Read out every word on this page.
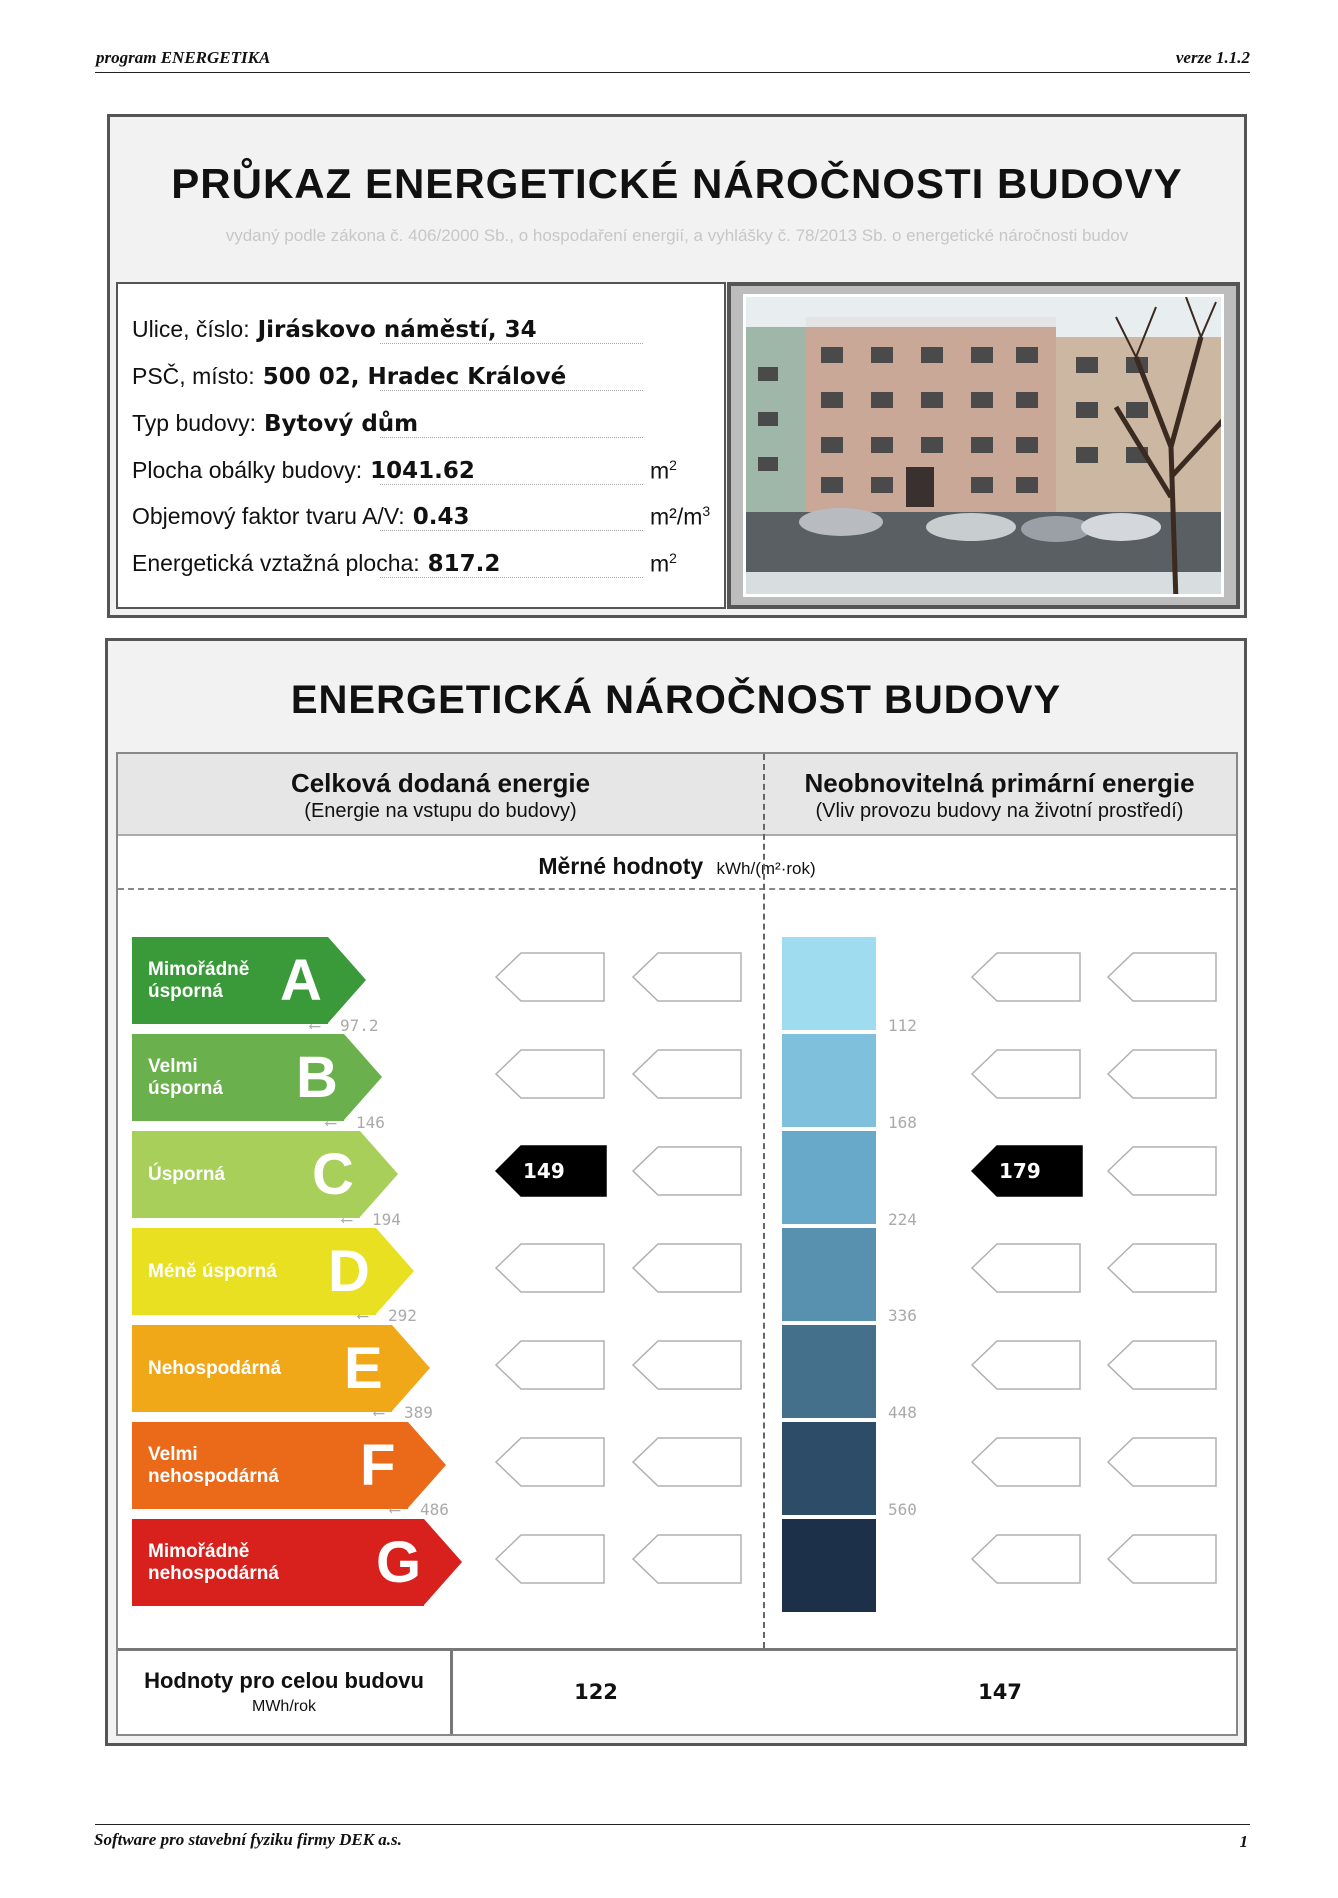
program ENERGETIKA	verze 1.1.2
PRŮKAZ ENERGETICKÉ NÁROČNOSTI BUDOVY
vydaný podle zákona č. 406/2000 Sb., o hospodaření energií, a vyhlášky č. 78/2013 Sb. o energetické náročnosti budov
Ulice, číslo: Jiráskovo náměstí, 34
PSČ, místo: 500 02, Hradec Králové
Typ budovy: Bytový dům
Plocha obálky budovy: 1041.62	$m^2$
Objemový faktor tvaru A/V: 0.43	$m^2/m^3$
Energetická vztažná plocha: 817.2	$m^2$
ENERGETICKÁ NÁROČNOST BUDOVY
Celková dodaná energie
(Energie na vstupu do budovy)
Neobnovitelná primární energie
(Vliv provozu budovy na životní prostředí)
Měrné hodnoty kWh/(m²·rok)
Mimořádně
úsporná A
Velmi
úsporná B
Úsporná C
Méně úsporná D
Nehospodárná E
Velmi
nehospodárná F
Mimořádně
nehospodárná G
97.2
146
194
292
389
486
112
168
224
336
448
560
⟵
⟵
⟵
⟵
⟵
⟵
149	179
Hodnoty pro celou budovu
MWh/rok
122	147
Software pro stavební fyziku firmy DEK a.s.	1
